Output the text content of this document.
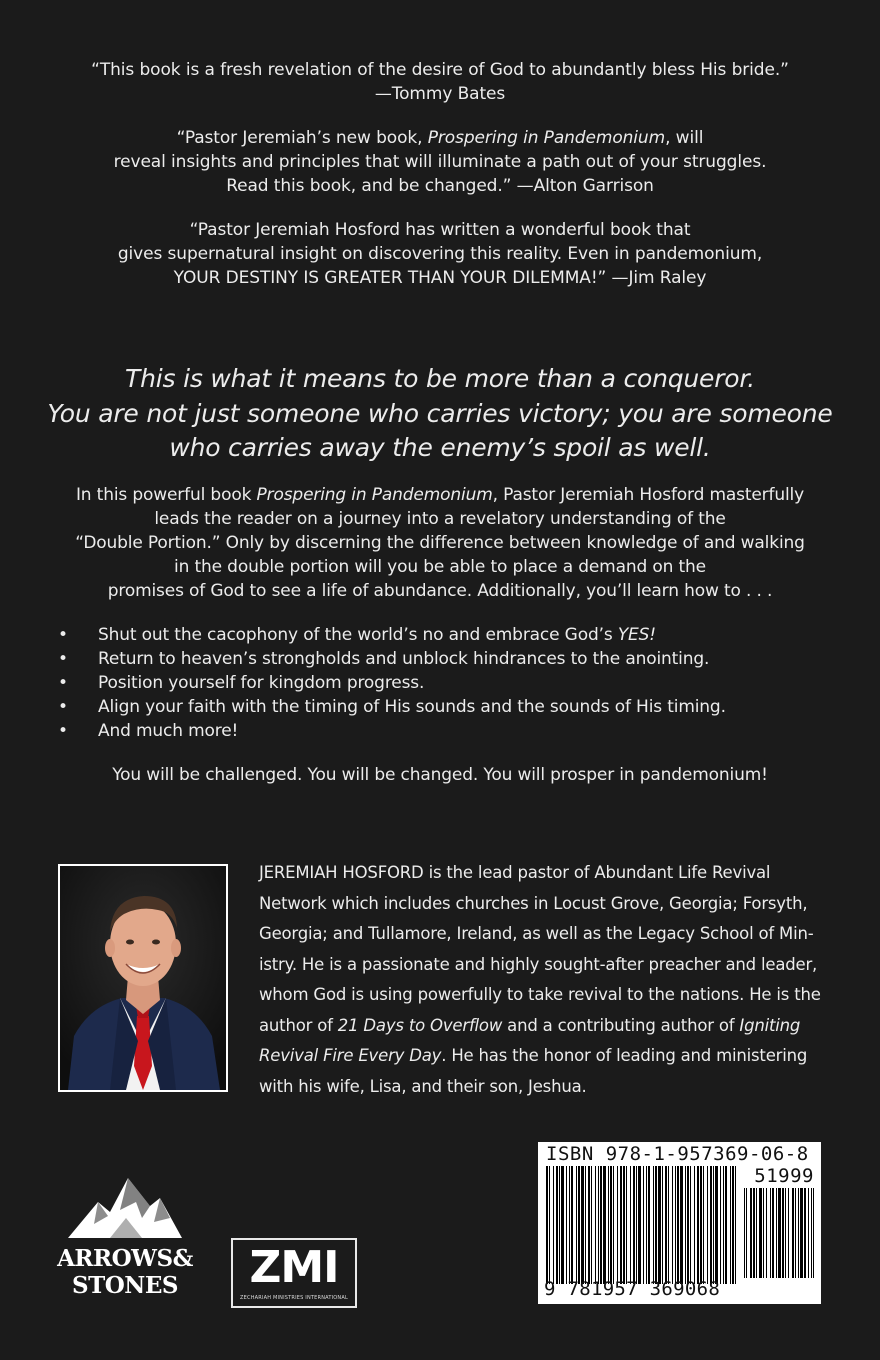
“This book is a fresh revelation of the desire of God to abundantly bless His bride.”
—Tommy Bates
“Pastor Jeremiah’s new book, Prospering in Pandemonium, will
reveal insights and principles that will illuminate a path out of your struggles.
Read this book, and be changed.” —Alton Garrison
“Pastor Jeremiah Hosford has written a wonderful book that
gives supernatural insight on discovering this reality. Even in pandemonium,
YOUR DESTINY IS GREATER THAN YOUR DILEMMA!” —Jim Raley
This is what it means to be more than a conqueror.
You are not just someone who carries victory; you are someone
who carries away the enemy’s spoil as well.
In this powerful book Prospering in Pandemonium, Pastor Jeremiah Hosford masterfully
leads the reader on a journey into a revelatory understanding of the
“Double Portion.” Only by discerning the difference between knowledge of and walking
in the double portion will you be able to place a demand on the
promises of God to see a life of abundance. Additionally, you’ll learn how to . . .
• Shut out the cacophony of the world’s no and embrace God’s YES!
• Return to heaven’s strongholds and unblock hindrances to the anointing.
• Position yourself for kingdom progress.
• Align your faith with the timing of His sounds and the sounds of His timing.
• And much more!
You will be challenged. You will be changed. You will prosper in pandemonium!
JEREMIAH HOSFORD is the lead pastor of Abundant Life Revival
Network which includes churches in Locust Grove, Georgia; Forsyth,
Georgia; and Tullamore, Ireland, as well as the Legacy School of Min-
istry. He is a passionate and highly sought-after preacher and leader,
whom God is using powerfully to take revival to the nations. He is the
author of 21 Days to Overflow and a contributing author of Igniting
Revival Fire Every Day. He has the honor of leading and ministering
with his wife, Lisa, and their son, Jeshua.
ISBN 978-1-957369-06-8
51999
9 781957 369068
ARROWS&
STONES	ZMI
ZECHARIAH MINISTRIES INTERNATIONAL
